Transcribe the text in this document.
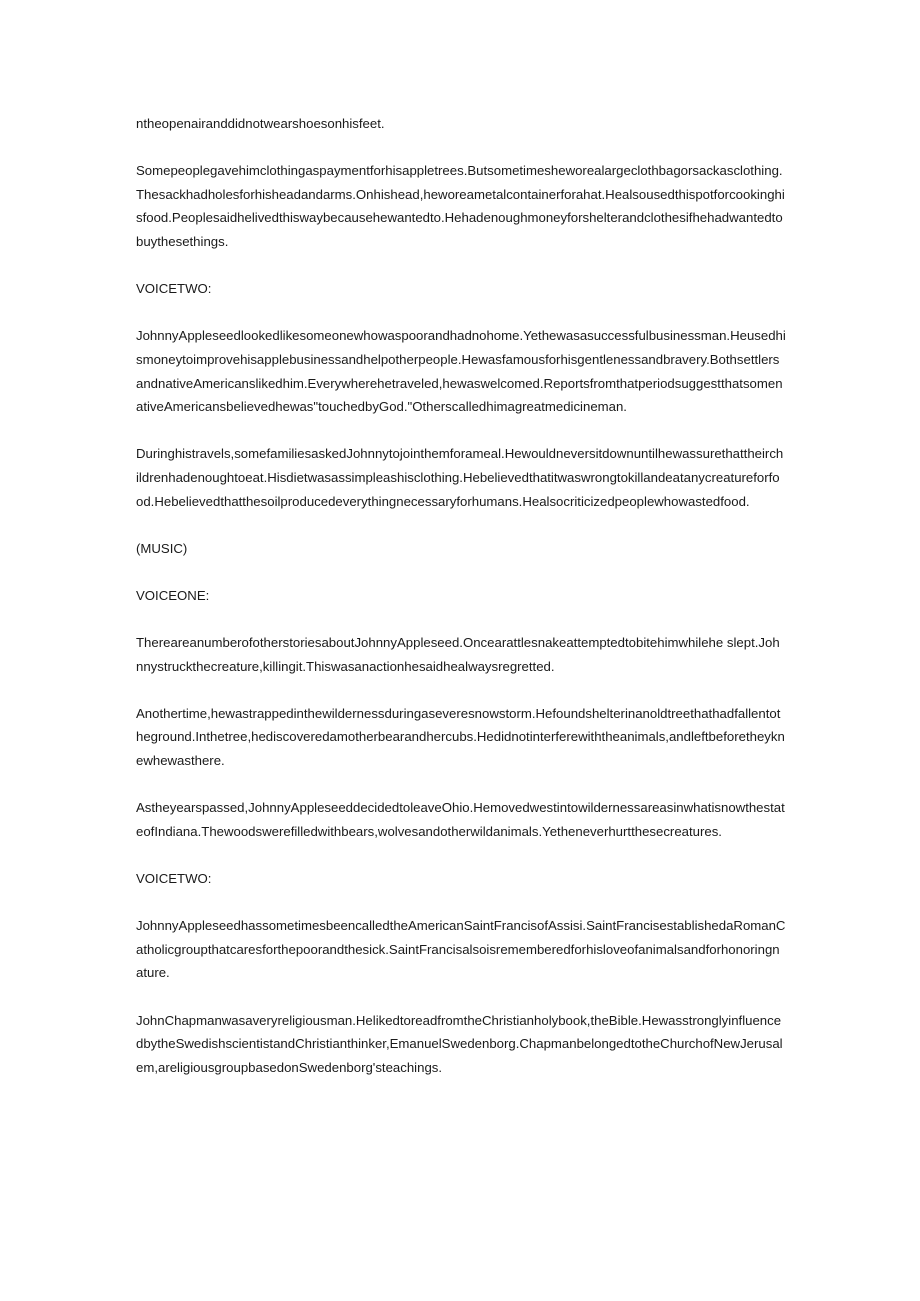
ntheopenairanddidnotwearshoesonhisfeet.

Somepeoplegavehimclothingaspaymentforhisappletrees.Butsometimesheworealargeclothbagorsackasclothing.Thesackhadholesforhisheadandarms.Onhishead,heworeametalcontainerforahat.Healsousedthispotforcookinghisfood.Peoplesaidhelivedthiswaybecausehewantedto.Hehadenoughmoneyforshelterandclothesifhehadwantedtobuythesethings.

VOICETWO:

JohnnyAppleseedlookedlikesomeonewhowaspoorandhadnohome.Yethewasasuccessfulbusinessman.Heusedhismoneytoimprovehisapplebusinessandhelpotherpeople.Hewasfamousforhisgentlenessandbravery.BothsettlersandnativeAmericanslikedhim.Everywherehetraveled,hewaswelcomed.ReportsfromthatperiodsuggestthatsomenativeAmericansbelievedhewas"touchedbyGod."Otherscalledhimagreatmedicineman.

Duringhistravels,somefamiliesaskedJohnnytojointhemforameal.Hewouldneversitdownuntilhewassurethattheirchildrenhadenoughtoeat.Hisdietwasassimpleashisclothing.Hebelievedthatitwaswrongtokillandeatanycreatureforfood.Hebelievedthatthesoilproducedeverythingnecessaryforhumans.Healsocriticizedpeoplewhowastedfood.

(MUSIC)

VOICEONE:

ThereareanumberofotherstoriesaboutJohnnyAppleseed.Oncearattlesnakeattemptedtobitehimwhilehe slept.Johnnystruckthecreature,killingit.Thiswasanactionhesaidhealwaysregretted.

Anothertime,hewastrappedinthewildernessduringaseveresnowstorm.Hefoundshelterinanoldtreethathadfallentotheground.Inthetree,hediscoveredamotherbearandhercubs.Hedidnotinterferewiththeanimals,andleftbeforetheyknewhewasthere.

Astheyearspassed,JohnnyAppleseeddecidedtoleaveOhio.HemovedwestintowildernessareasinwhatisnowthestateofIndiana.Thewoodswerefilledwithbears,wolvesandotherwildanimals.Yetheneverhurtthesecreatures.

VOICETWO:

JohnnyAppleseedhassometimesbeencalledtheAmericanSaintFrancisofAssisi.SaintFrancisestablishedaRomanCatholicgroupthatcaresforthepoorandthesick.SaintFrancisalsoisrememberedforhisloveofanimalsandforhonoringnature.

JohnChapmanwasaveryreligiousman.HelikedtoreadfromtheChristianholybook,theBible.HewasstronglyinfluencedbytheSwedishscientistandChristianthinker,EmanuelSwedenborg.ChapmanbelongedtotheChurchofNewJerusalem,areligiousgroupbasedonSwedenborg'steachings.
